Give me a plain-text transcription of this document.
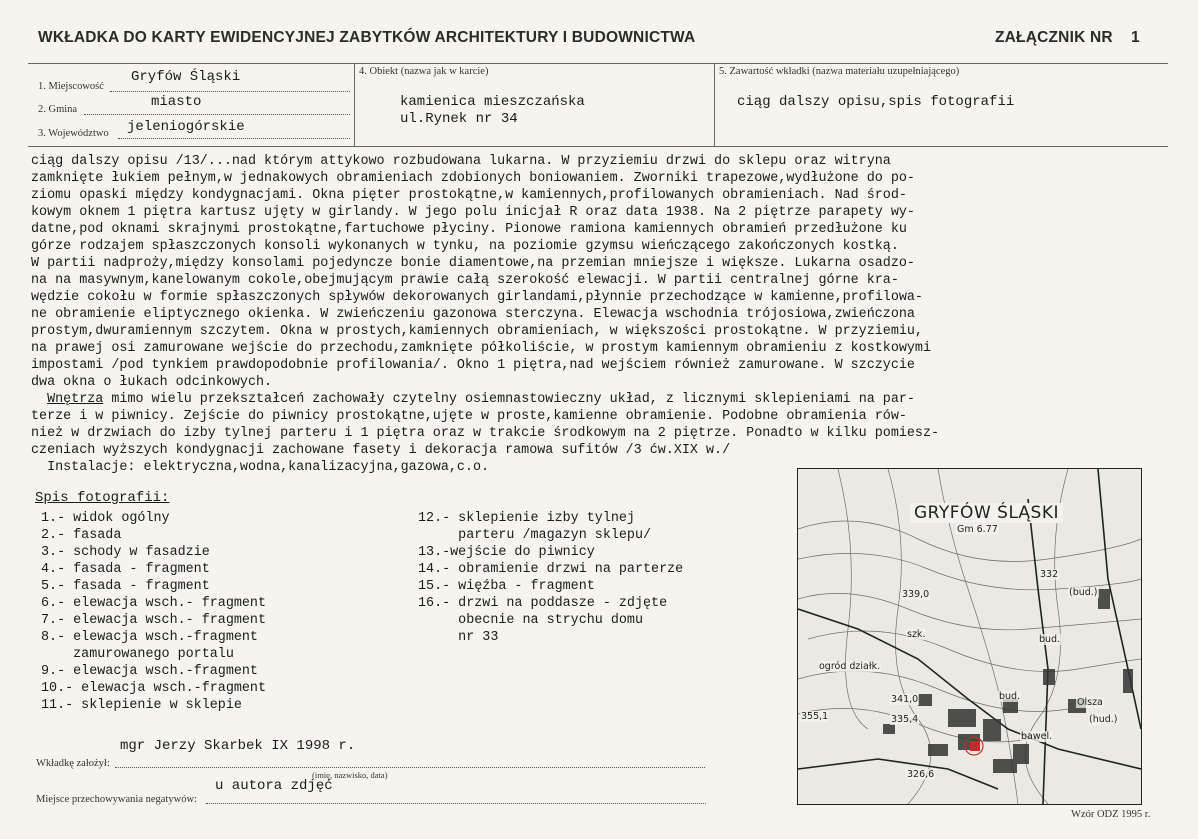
WKŁADKA DO KARTY EWIDENCYJNEJ ZABYTKÓW ARCHITEKTURY I BUDOWNICTWA	ZAŁĄCZNIK NR 1
1. Miejscowość
Gryfów Śląski
2. Gmina	miasto
3. Województwo jeleniogórskie
4. Obiekt (nazwa jak w karcie)
kamienica mieszczańska
ul.Rynek nr 34
5. Zawartość wkładki (nazwa materiału uzupełniającego)
ciąg dalszy opisu,spis fotografii
ciąg dalszy opisu /13/...nad którym attykowo rozbudowana lukarna. W przyziemiu drzwi do sklepu oraz witryna
zamknięte łukiem pełnym,w jednakowych obramieniach zdobionych boniowaniem. Zworniki trapezowe,wydłużone do po-
ziomu opaski między kondygnacjami. Okna pięter prostokątne,w kamiennych,profilowanych obramieniach. Nad środ-
kowym oknem 1 piętra kartusz ujęty w girlandy. W jego polu inicjał R oraz data 1938. Na 2 piętrze parapety wy-
datne,pod oknami skrajnymi prostokątne,fartuchowe płyciny. Pionowe ramiona kamiennych obramień przedłużone ku
górze rodzajem spłaszczonych konsoli wykonanych w tynku, na poziomie gzymsu wieńczącego zakończonych kostką.
W partii nadproży,między konsolami pojedyncze bonie diamentowe,na przemian mniejsze i większe. Lukarna osadzo-
na na masywnym,kanelowanym cokole,obejmującym prawie całą szerokość elewacji. W partii centralnej górne kra-
wędzie cokołu w formie spłaszczonych spływów dekorowanych girlandami,płynnie przechodzące w kamienne,profilowa-
ne obramienie eliptycznego okienka. W zwieńczeniu gazonowa sterczyna. Elewacja wschodnia trójosiowa,zwieńczona
prostym,dwuramiennym szczytem. Okna w prostych,kamiennych obramieniach, w większości prostokątne. W przyziemiu,
na prawej osi zamurowane wejście do przechodu,zamknięte półkoliście, w prostym kamiennym obramieniu z kostkowymi
impostami /pod tynkiem prawdopodobnie profilowania/. Okno 1 piętra,nad wejściem również zamurowane. W szczycie
dwa okna o łukach odcinkowych.
Wnętrza mimo wielu przekształceń zachowały czytelny osiemnastowieczny układ, z licznymi sklepieniami na par-
terze i w piwnicy. Zejście do piwnicy prostokątne,ujęte w proste,kamienne obramienie. Podobne obramienia rów-
nież w drzwiach do izby tylnej parteru i 1 piętra oraz w trakcie środkowym na 2 piętrze. Ponadto w kilku pomiesz-
czeniach wyższych kondygnacji zachowane fasety i dekoracja ramowa sufitów /3 ćw.XIX w./
Instalacje: elektryczna,wodna,kanalizacyjna,gazowa,c.o.
Spis fotografii:
1.- widok ogólny
2.- fasada
3.- schody w fasadzie
4.- fasada - fragment
5.- fasada - fragment
6.- elewacja wsch.- fragment
7.- elewacja wsch.- fragment
8.- elewacja wsch.-fragment
zamurowanego portalu
9.- elewacja wsch.-fragment
10.- elewacja wsch.-fragment
11.- sklepienie w sklepie
12.- sklepienie izby tylnej
parteru /magazyn sklepu/
13.-wejście do piwnicy
14.- obramienie drzwi na parterze
15.- więźba - fragment
16.- drzwi na poddasze - zdjęte
obecnie na strychu domu
nr 33
GRYFÓW ŚLĄSKI
Gm 6.77
339,0
332
(bud.)
szk.	bud.
ogród działk.
341,0
335,4
355,1
bud.
(hud.)
326,6
Olsza
bawel.
mgr Jerzy Skarbek IX 1998 r.
Wkładkę założył:
(imię, nazwisko, data)
u autora zdjęć
Miejsce przechowywania negatywów:
Wzór ODZ 1995 r.
